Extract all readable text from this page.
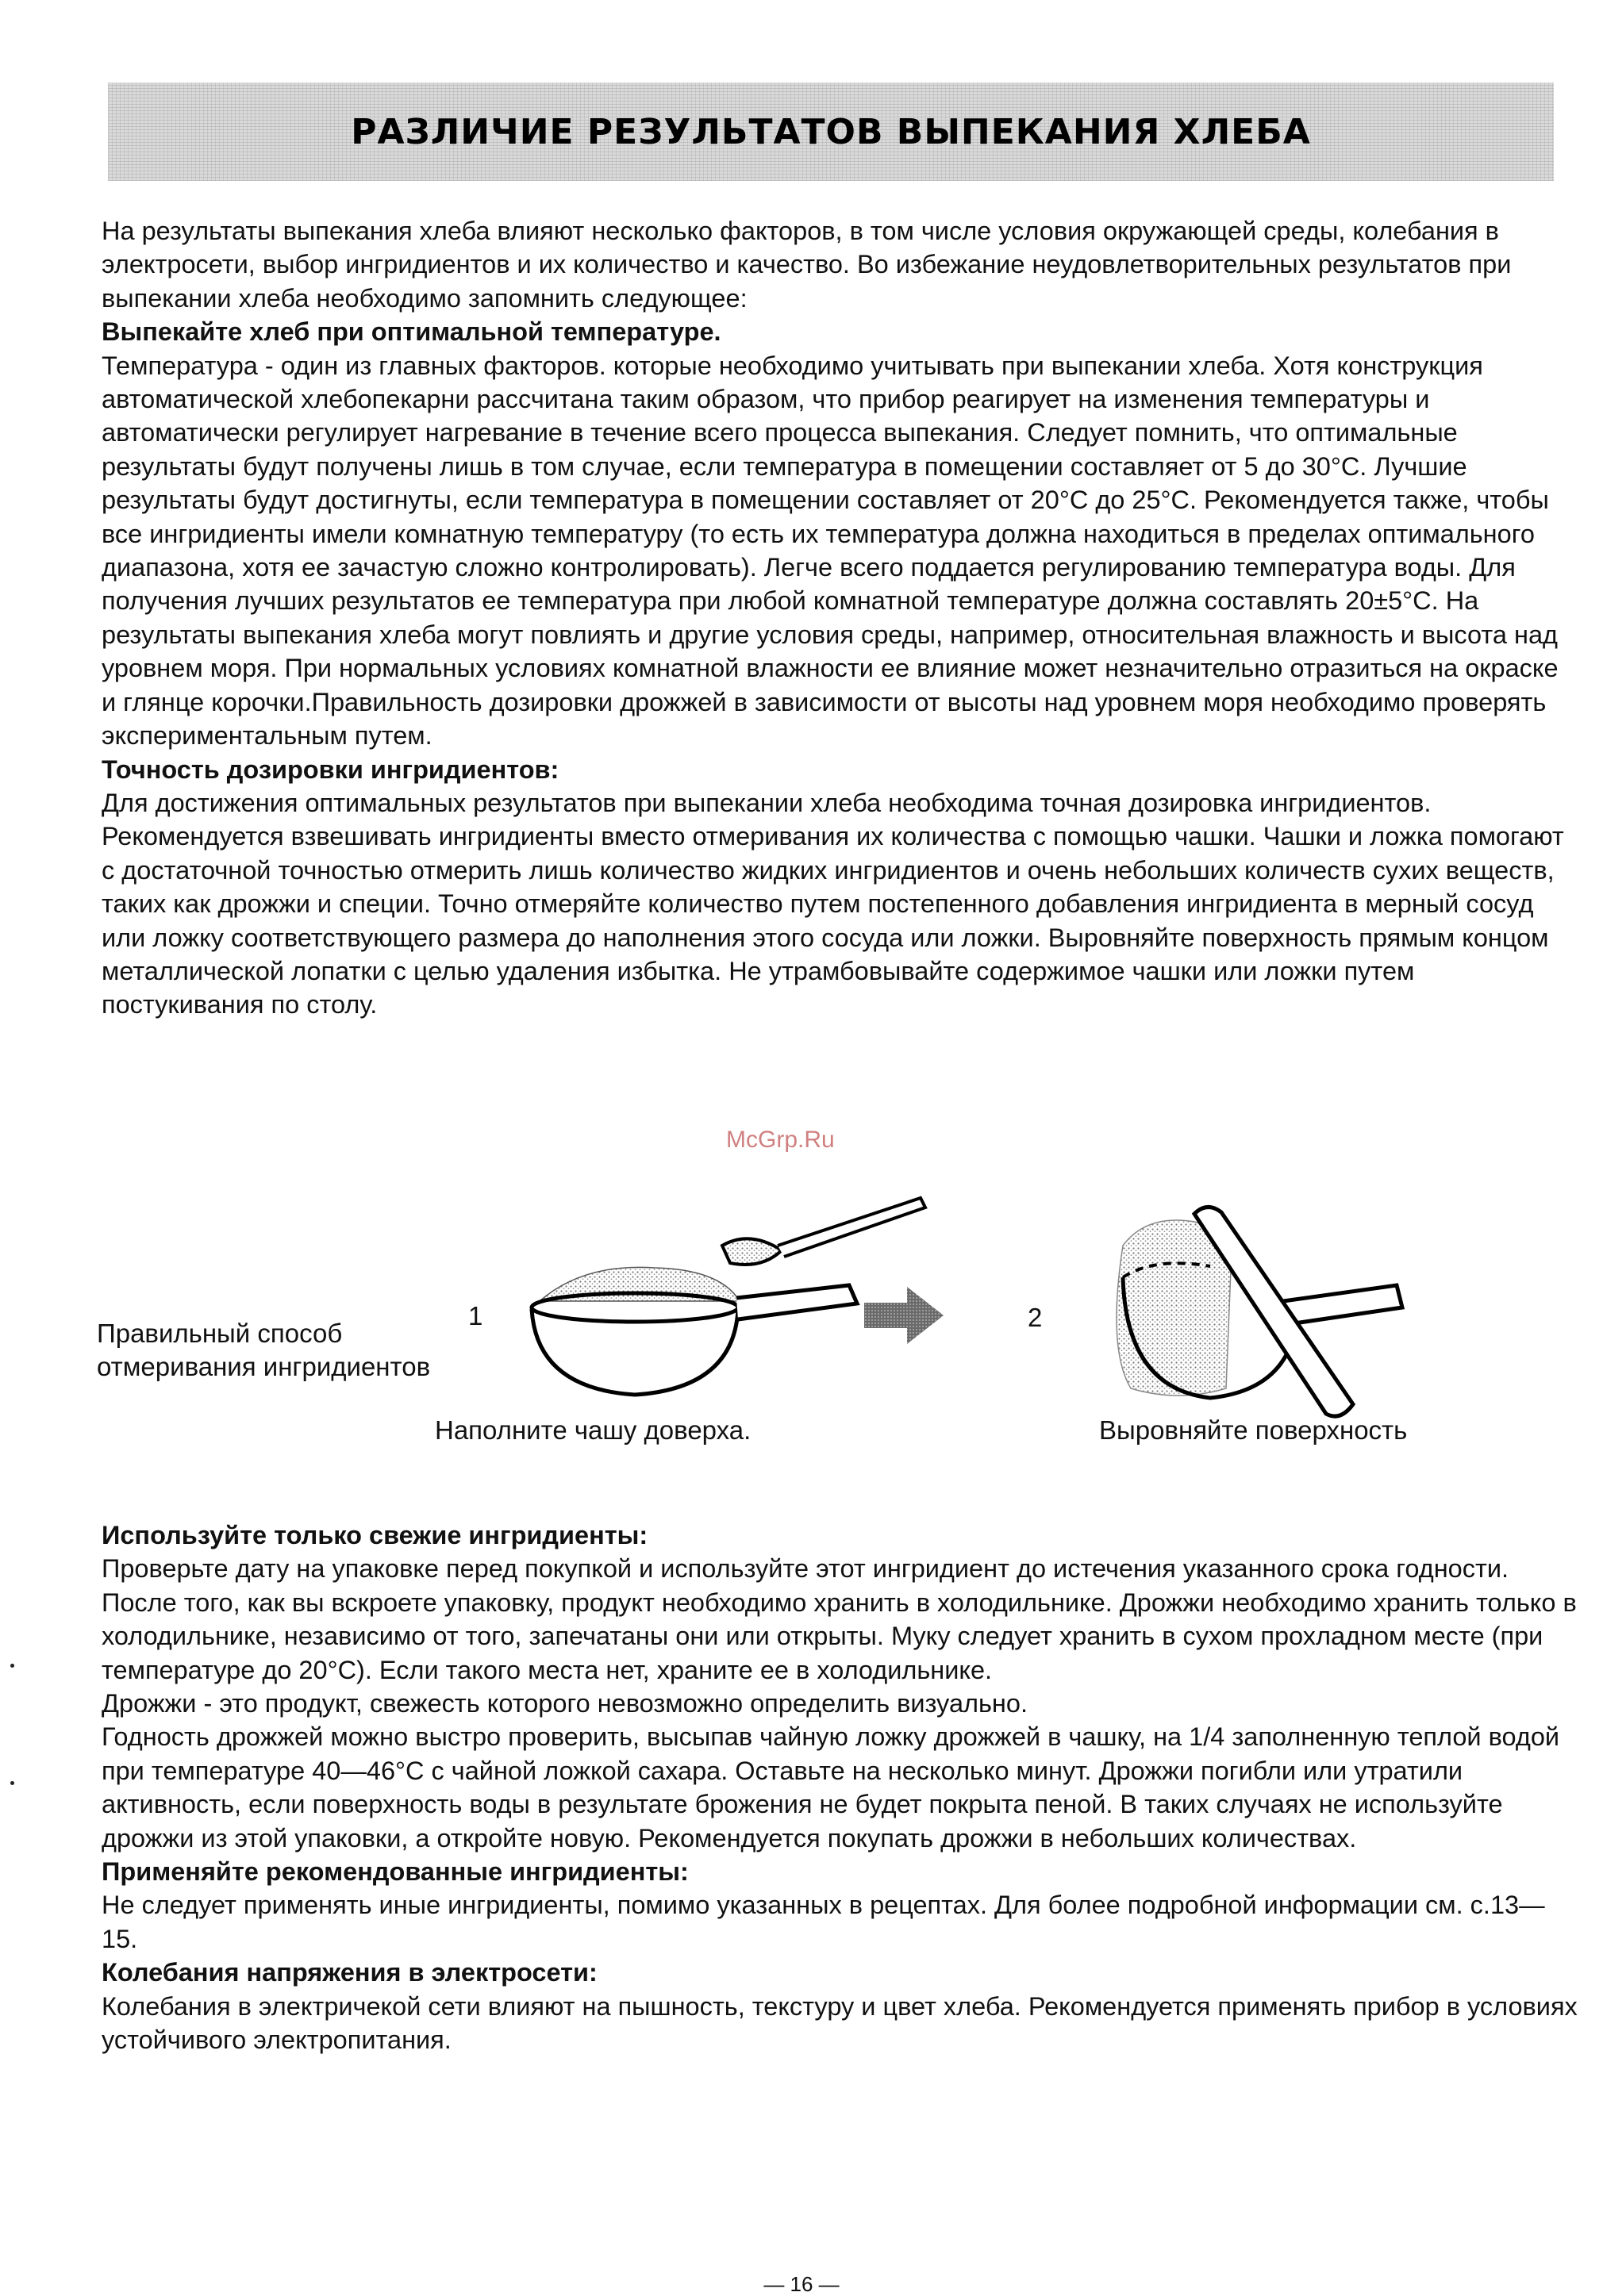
РАЗЛИЧИЕ РЕЗУЛЬТАТОВ ВЫПЕКАНИЯ ХЛЕБА

На результаты выпекания хлеба влияют несколько факторов, в том числе условия окружающей среды, колебания в электросети, выбор ингридиентов и их количество и качество. Во избежание неудовлетворительных результатов при выпекании хлеба необходимо запомнить следующее:

Выпекайте хлеб при оптимальной температуре.

Температура - один из главных факторов. которые необходимо учитывать при выпекании хлеба. Хотя конструкция автоматической хлебопекарни рассчитана таким образом, что прибор реагирует на изменения температуры и автоматически регулирует нагревание в течение всего процесса выпекания. Следует помнить, что оптимальные результаты будут получены лишь в том случае, если температура в помещении составляет от 5 до 30°C. Лучшие результаты будут достигнуты, если температура в помещении составляет от 20°C до 25°C. Рекомендуется также, чтобы все ингридиенты имели комнатную температуру (то есть их температура должна находиться в пределах оптимального диапазона, хотя ее зачастую сложно контролировать). Легче всего поддается регулированию температура воды. Для получения лучших результатов ее температура при любой комнатной температуре должна составлять 20±5°C. На результаты выпекания хлеба могут повлиять и другие условия среды, например, относительная влажность и высота над уровнем моря. При нормальных условиях комнатной влажности ее влияние может незначительно отразиться на окраске и глянце корочки.Правильность дозировки дрожжей в зависимости от высоты над уровнем моря необходимо проверять экспериментальным путем.

Точность дозировки ингридиентов:

Для достижения оптимальных результатов при выпекании хлеба необходима точная дозировка ингридиентов. Рекомендуется взвешивать ингридиенты вместо отмеривания их количества с помощью чашки. Чашки и ложка помогают с достаточной точностью отмерить лишь количество жидких ингридиентов и очень небольших количеств сухих веществ, таких как дрожжи и специи. Точно отмеряйте количество путем постепенного добавления ингридиента в мерный сосуд или ложку соответствующего размера до наполнения этого сосуда или ложки. Выровняйте поверхность прямым концом металлической лопатки с целью удаления избытка. Не утрамбовывайте содержимое чашки или ложки путем постукивания по столу.

McGrp.Ru
Правильный способ отмеривания ингридиентов
1	2
Наполните чашу доверха.	Выровняйте поверхность
Используйте только свежие ингридиенты:

Проверьте дату на упаковке перед покупкой и используйте этот ингридиент до истечения указанного срока годности. После того, как вы вскроете упаковку, продукт необходимо хранить в холодильнике. Дрожжи необходимо хранить только в холодильнике, независимо от того, запечатаны они или открыты. Муку следует хранить в сухом прохладном месте (при температуре до 20°C). Если такого места нет, храните ее в холодильнике.

Дрожжи - это продукт, свежесть которого невозможно определить визуально.

Годность дрожжей можно выстро проверить, высыпав чайную ложку дрожжей в чашку, на 1/4 заполненную теплой водой при температуре 40—46°C с чайной ложкой сахара. Оставьте на несколько минут. Дрожжи погибли или утратили активность, если поверхность воды в результате брожения не будет покрыта пеной. В таких случаях не используйте дрожжи из этой упаковки, а откройте новую. Рекомендуется покупать дрожжи в небольших количествах.

Применяйте рекомендованные ингридиенты:

Не следует применять иные ингридиенты, помимо указанных в рецептах. Для более подробной информации см. с.13—15.

Колебания напряжения в электросети:

Колебания в электричекой сети влияют на пышность, текстуру и цвет хлеба. Рекомендуется применять прибор в условиях устойчивого электропитания.

— 16 —
